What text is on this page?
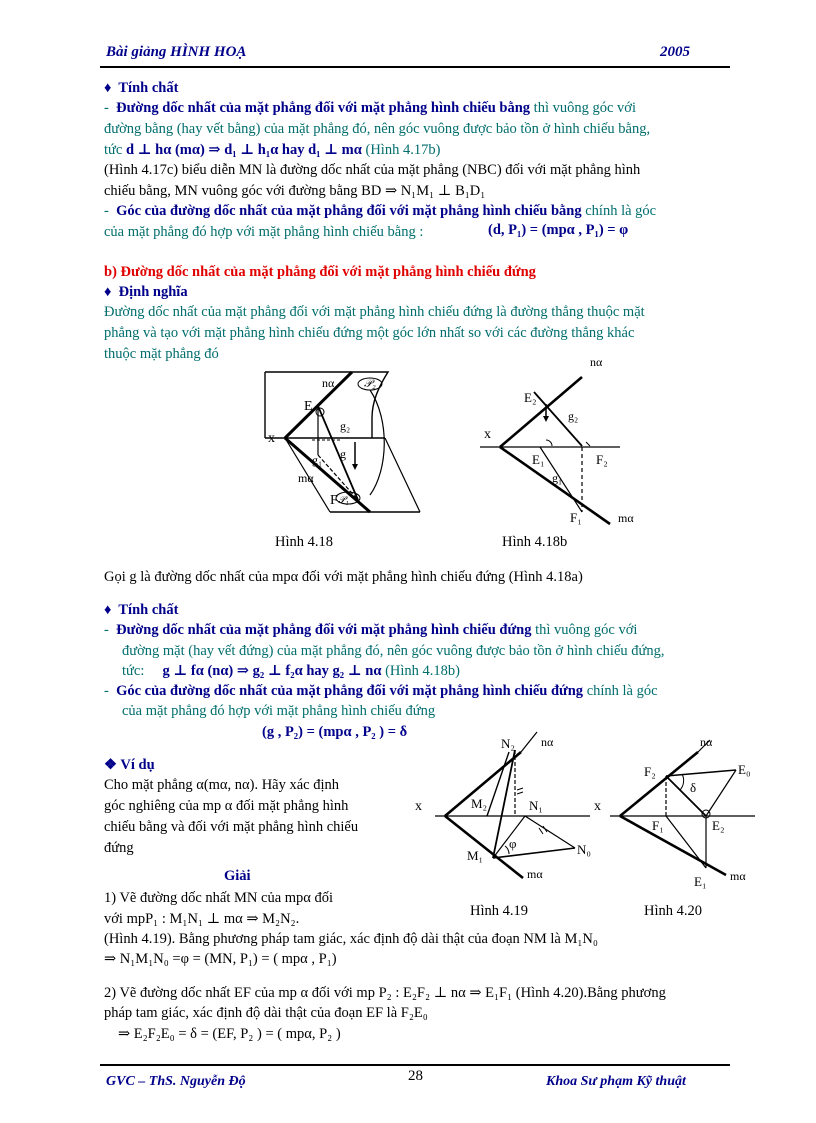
Bài giảng HÌNH HOẠ	2005
♦  Tính chất
-  Đường dốc nhất của mặt phẳng đối với mặt phẳng hình chiếu bằng thì vuông góc với
đường bằng (hay vết bằng) của mặt phẳng đó, nên góc vuông được bảo tồn ở hình chiếu bằng,
tức d ⊥ hα (mα) ⇒ d₁ ⊥ h₁α hay d₁ ⊥ mα (Hình 4.17b)
(Hình 4.17c) biểu diễn MN là đường dốc nhất của mặt phẳng (NBC) đối với mặt phẳng hình
chiếu bằng, MN vuông góc với đường bằng BD ⇒ N₁M₁ ⊥ B₁D₁
-  Góc của đường dốc nhất của mặt phẳng đối với mặt phẳng hình chiếu bằng chính là góc
của mặt phẳng đó hợp với mặt phẳng hình chiếu bằng :	(d, P₁) = (mpα , P₁) = φ
b) Đường dốc nhất của mặt phẳng đối với mặt phẳng hình chiếu đứng
♦  Định nghĩa
Đường dốc nhất của mặt phẳng đối với mặt phẳng hình chiếu đứng là đường thẳng thuộc mặt
phẳng và tạo với mặt phẳng hình chiếu đứng một góc lớn nhất so với các đường thẳng khác
thuộc mặt phẳng đó
nα	𝒫₂
E
x
g₂
g₁ g
mα
F 𝒫₁
nα
E₂
g₂
x
E₁	F₂
g₁
F₁	mα
Hình 4.18	Hình 4.18b
Gọi g là đường dốc nhất của mpα đối với mặt phẳng hình chiếu đứng (Hình 4.18a)
♦  Tính chất
-  Đường dốc nhất của mặt phẳng đối với mặt phẳng hình chiếu đứng thì vuông góc với
đường mặt (hay vết đứng) của mặt phẳng đó, nên góc vuông được bảo tồn ở hình chiếu đứng,
tức: g ⊥ fα (nα) ⇒ g₂ ⊥ f₂α hay g₂ ⊥ nα (Hình 4.18b)
-  Góc của đường dốc nhất của mặt phẳng đối với mặt phẳng hình chiếu đứng chính là góc
của mặt phẳng đó hợp với mặt phẳng hình chiếu đứng
(g , P₂) = (mpα , P₂ ) = δ
❖ Ví dụ
Cho mặt phẳng α(mα, nα). Hãy xác định
góc nghiêng của mp α đối mặt phẳng hình
chiếu bằng và đối với mặt phẳng hình chiếu
đứng
Giải
1) Vẽ đường dốc nhất MN của mpα đối
với mpP₁ : M₁N₁ ⊥ mα ⇒ M₂N₂.
(Hình 4.19). Bằng phương pháp tam giác, xác định độ dài thật của đoạn NM là M₁N₀
⇒ N₁M₁N₀ =φ = (MN, P₁) = ( mpα , P₁)
2) Vẽ đường dốc nhất EF của mp α đối với mp P₂ : E₂F₂ ⊥ nα ⇒ E₁F₁ (Hình 4.20).Bằng phương
pháp tam giác, xác định độ dài thật của đoạn EF là F₂E₀
⇒ E₂F₂E₀ = δ = (EF, P₂ ) = ( mpα, P₂ )
N₂ nα
x	M₂	N₁
φ	N₀
M₁
mα
nα
F₂	E₀
δ
x
F₁	E₂
E₁ mα
Hình 4.19	Hình 4.20
GVC – ThS. Nguyễn Độ	28	Khoa Sư phạm Kỹ thuật
